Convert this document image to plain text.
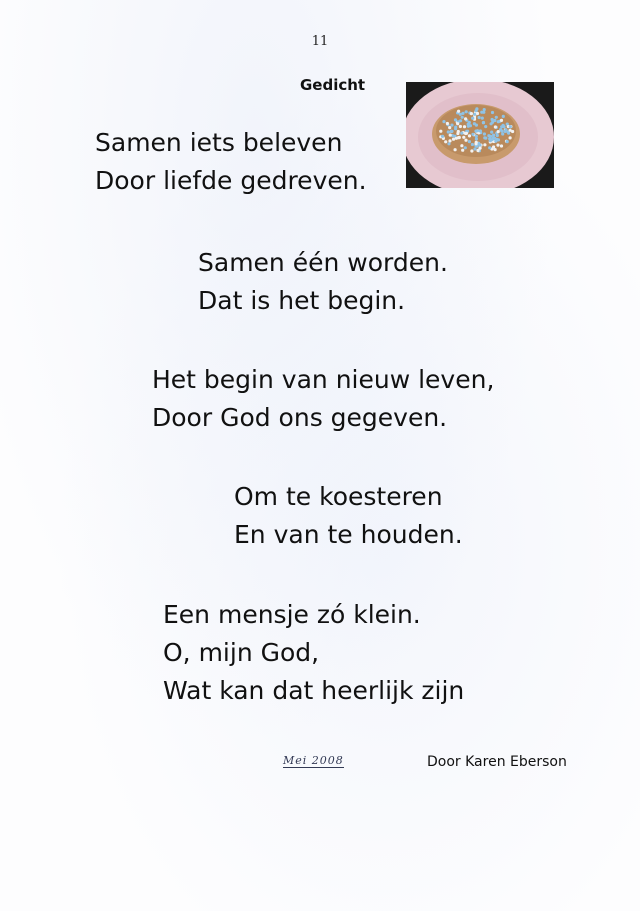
11
Gedicht
Samen iets beleven
Door liefde gedreven.
Samen één worden.
Dat is het begin.
Het begin van nieuw leven,
Door God ons gegeven.
Om te koesteren
En van te houden.
Een mensje zó klein.
O, mijn God,
Wat kan dat heerlijk zijn
Mei 2008	Door Karen Eberson
